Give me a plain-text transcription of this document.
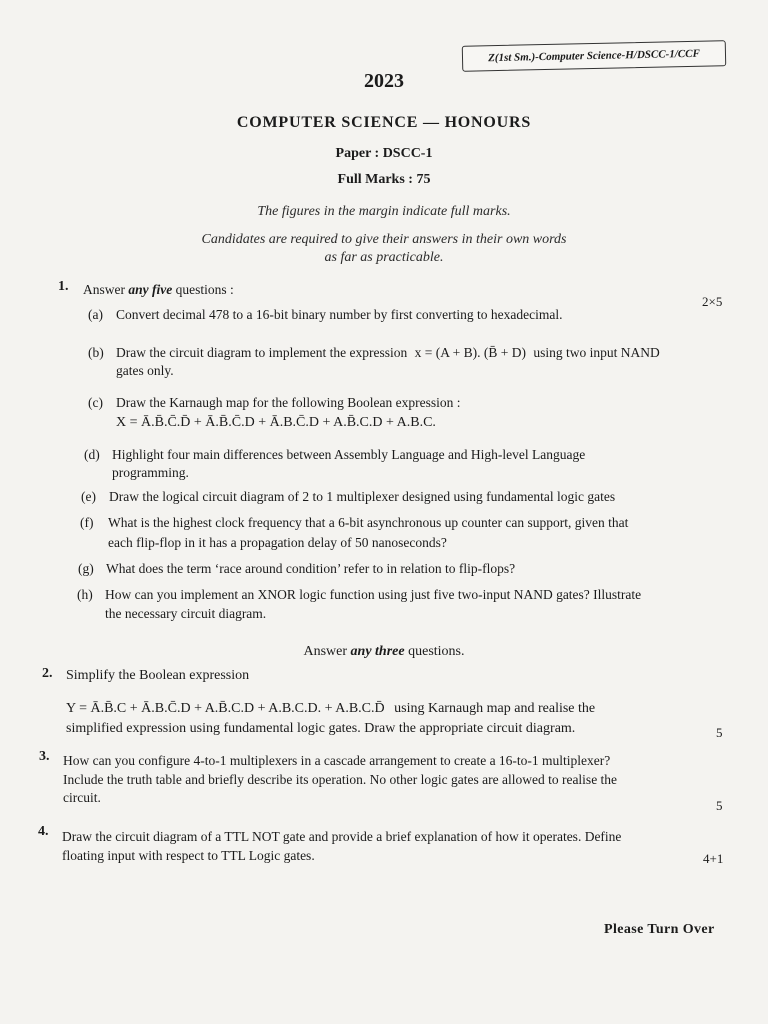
Z(1st Sm.)-Computer Science-H/DSCC-1/CCF
2023
COMPUTER SCIENCE — HONOURS
Paper : DSCC-1
Full Marks : 75
The figures in the margin indicate full marks.
Candidates are required to give their answers in their own words
as far as practicable.
1. Answer any five questions :
2×5
(a) Convert decimal 478 to a 16-bit binary number by first converting to hexadecimal.
(b) Draw the circuit diagram to implement the expression x = (A + B). (B̄ + D) using two input NAND
gates only.
(c) Draw the Karnaugh map for the following Boolean expression :
X = Ā.B̄.C̄.D̄ + Ā.B̄.C̄.D + Ā.B.C̄.D + A.B̄.C.D + A.B.C.
(d) Highlight four main differences between Assembly Language and High-level Language
programming.
(e) Draw the logical circuit diagram of 2 to 1 multiplexer designed using fundamental logic gates
(f) What is the highest clock frequency that a 6-bit asynchronous up counter can support, given that
each flip-flop in it has a propagation delay of 50 nanoseconds?
(g) What does the term ‘race around condition’ refer to in relation to flip-flops?
(h) How can you implement an XNOR logic function using just five two-input NAND gates? Illustrate
the necessary circuit diagram.
Answer any three questions.
2. Simplify the Boolean expression
Y = Ā.B̄.C + Ā.B.C̄.D + A.B̄.C.D + A.B.C.D. + A.B.C.D̄ using Karnaugh map and realise the
simplified expression using fundamental logic gates. Draw the appropriate circuit diagram.	5
3. How can you configure 4-to-1 multiplexers in a cascade arrangement to create a 16-to-1 multiplexer?
Include the truth table and briefly describe its operation. No other logic gates are allowed to realise the
circuit.
5
4. Draw the circuit diagram of a TTL NOT gate and provide a brief explanation of how it operates. Define
floating input with respect to TTL Logic gates.	4+1
Please Turn Over
